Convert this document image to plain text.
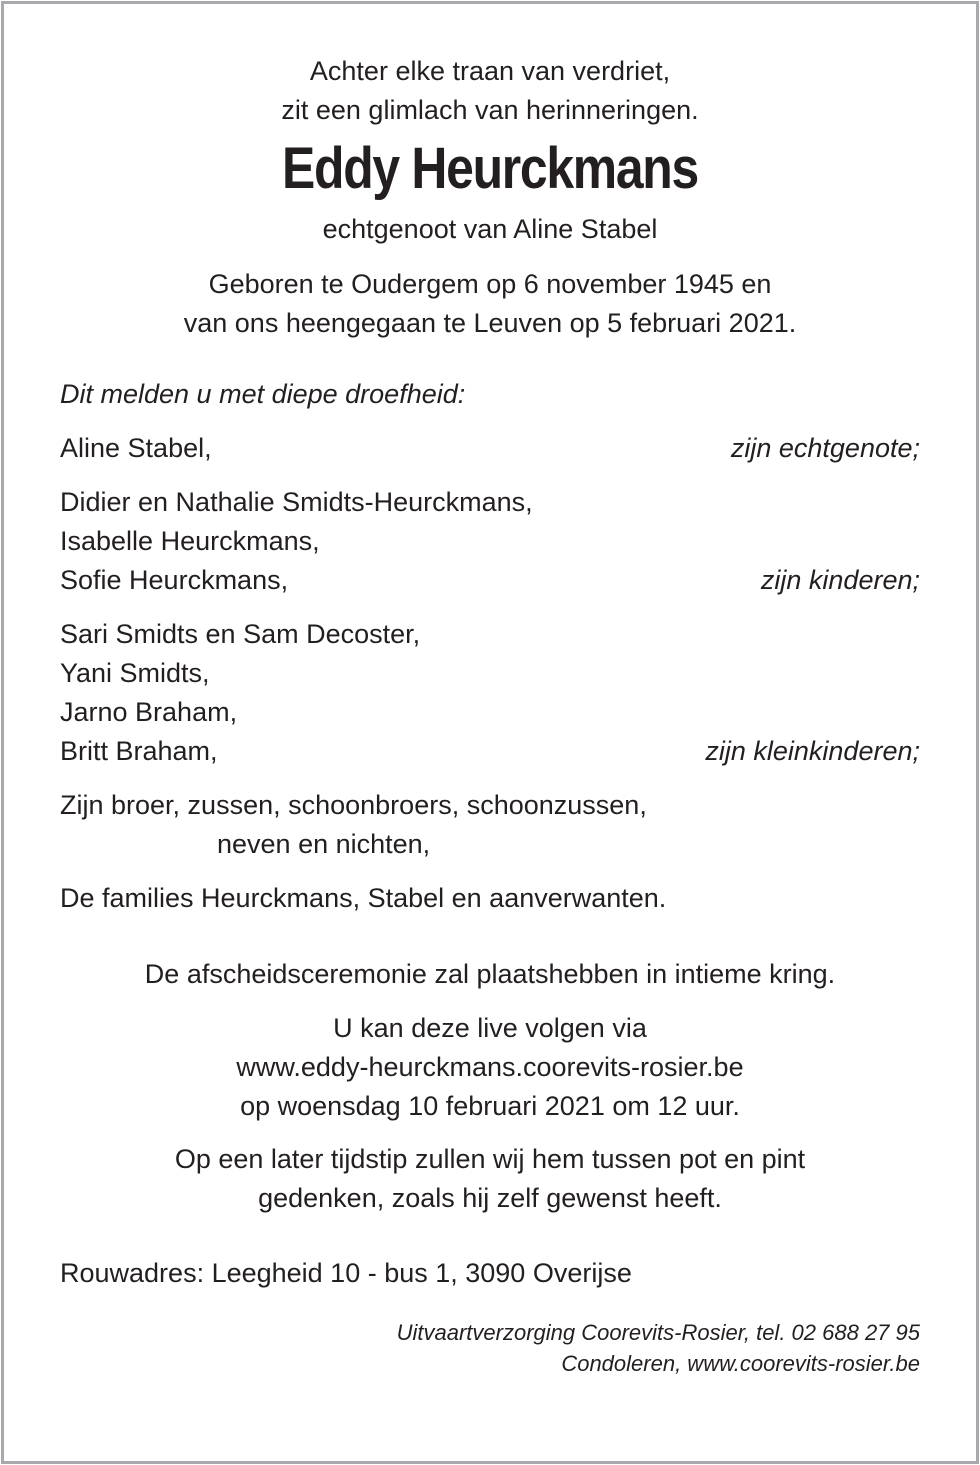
Achter elke traan van verdriet,
zit een glimlach van herinneringen.
Eddy Heurckmans
echtgenoot van Aline Stabel
Geboren te Oudergem op 6 november 1945 en
van ons heengegaan te Leuven op 5 februari 2021.
Dit melden u met diepe droefheid:
Aline Stabel,	zijn echtgenote;
Didier en Nathalie Smidts-Heurckmans,
Isabelle Heurckmans,
Sofie Heurckmans,	zijn kinderen;
Sari Smidts en Sam Decoster,
Yani Smidts,
Jarno Braham,
Britt Braham,	zijn kleinkinderen;
Zijn broer, zussen, schoonbroers, schoonzussen,
neven en nichten,
De families Heurckmans, Stabel en aanverwanten.
De afscheidsceremonie zal plaatshebben in intieme kring.
U kan deze live volgen via
www.eddy-heurckmans.coorevits-rosier.be
op woensdag 10 februari 2021 om 12 uur.
Op een later tijdstip zullen wij hem tussen pot en pint
gedenken, zoals hij zelf gewenst heeft.
Rouwadres: Leegheid 10 - bus 1, 3090 Overijse
Uitvaartverzorging Coorevits-Rosier, tel. 02 688 27 95
Condoleren, www.coorevits-rosier.be
